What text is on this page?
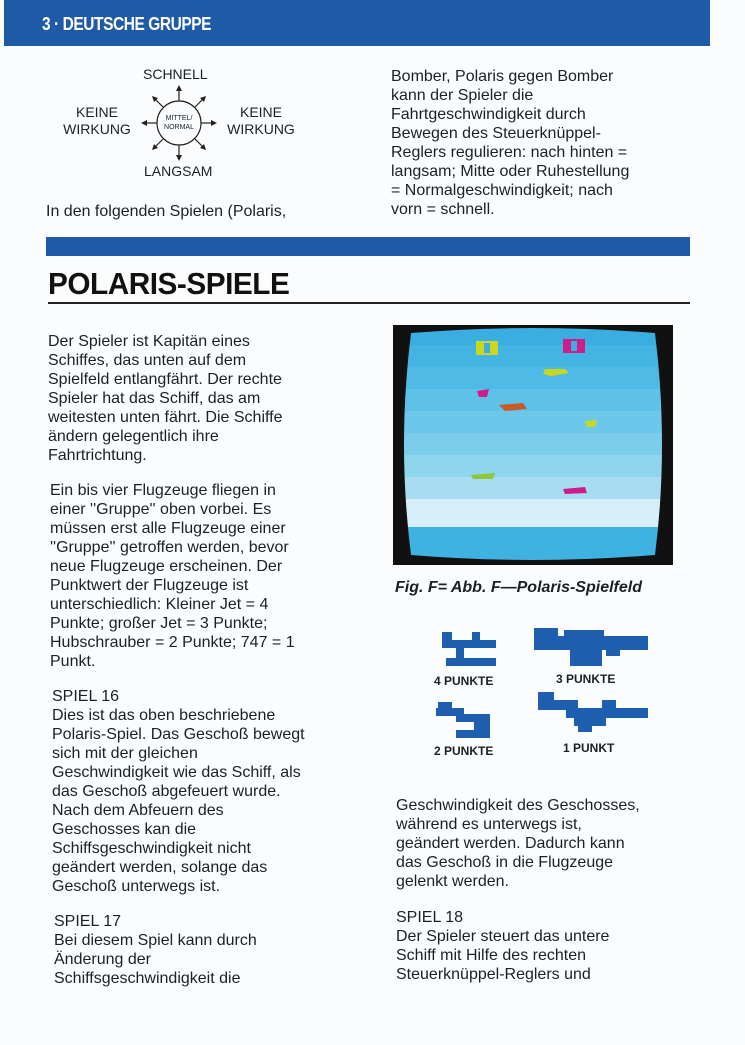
3 · DEUTSCHE GRUPPE
SCHNELL
MITTEL/
NORMAL
KEINE
WIRKUNG
KEINE
WIRKUNG
LANGSAM

In den folgenden Spielen (Polaris,

Bomber, Polaris gegen Bomber

kann der Spieler die

Fahrtgeschwindigkeit durch

Bewegen des Steuerknüppel-

Reglers regulieren: nach hinten =

langsam; Mitte oder Ruhestellung

= Normalgeschwindigkeit; nach

vorn = schnell.

POLARIS-SPIELE

Der Spieler ist Kapitän eines

Schiffes, das unten auf dem

Spielfeld entlangfährt. Der rechte

Spieler hat das Schiff, das am

weitesten unten fährt. Die Schiffe

ändern gelegentlich ihre

Fahrtrichtung.

Ein bis vier Flugzeuge fliegen in

einer ''Gruppe'' oben vorbei. Es

müssen erst alle Flugzeuge einer

''Gruppe'' getroffen werden, bevor

neue Flugzeuge erscheinen. Der

Punktwert der Flugzeuge ist

unterschiedlich: Kleiner Jet = 4

Punkte; großer Jet = 3 Punkte;

Hubschrauber = 2 Punkte; 747 = 1

Punkt.

SPIEL 16

Dies ist das oben beschriebene

Polaris-Spiel. Das Geschoß bewegt

sich mit der gleichen

Geschwindigkeit wie das Schiff, als

das Geschoß abgefeuert wurde.

Nach dem Abfeuern des

Geschosses kan die

Schiffsgeschwindigkeit nicht

geändert werden, solange das

Geschoß unterwegs ist.

SPIEL 17

Bei diesem Spiel kann durch

Änderung der

Schiffsgeschwindigkeit die

Fig. F= Abb. F—Polaris-Spielfeld
4 PUNKTE	3 PUNKTE
2 PUNKTE	1 PUNKT

Geschwindigkeit des Geschosses,

während es unterwegs ist,

geändert werden. Dadurch kann

das Geschoß in die Flugzeuge

gelenkt werden.

SPIEL 18

Der Spieler steuert das untere

Schiff mit Hilfe des rechten

Steuerknüppel-Reglers und
